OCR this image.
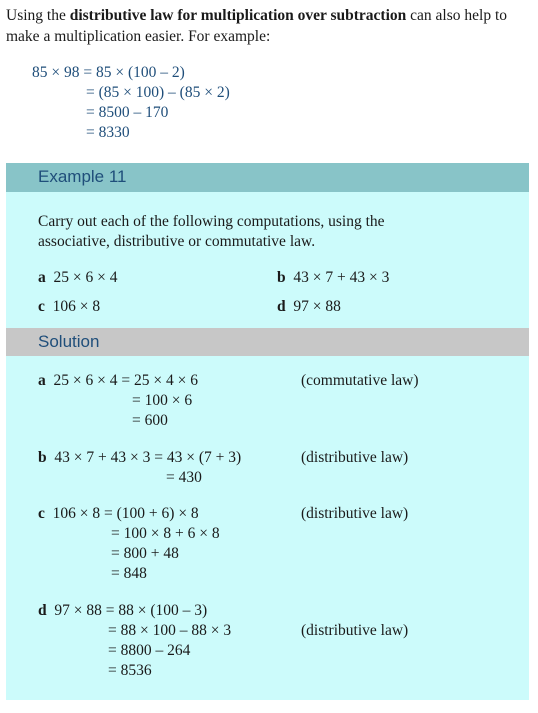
Using the distributive law for multiplication over subtraction can also help to
make a multiplication easier. For example:
85 × 98 = 85 × (100 – 2)
= (85 × 100) – (85 × 2)
= 8500 – 170
= 8330
Example 11
Carry out each of the following computations, using the
associative, distributive or commutative law.
a 25 × 6 × 4	b 43 × 7 + 43 × 3
c 106 × 8	d 97 × 88
Solution
a 25 × 6 × 4 = 25 × 4 × 6
= 100 × 6
= 600
(commutative law)
b 43 × 7 + 43 × 3 = 43 × (7 + 3)
= 430
(distributive law)
c 106 × 8 = (100 + 6) × 8
= 100 × 8 + 6 × 8
= 800 + 48
= 848
(distributive law)
d 97 × 88 = 88 × (100 – 3)
= 88 × 100 – 88 × 3
= 8800 – 264
= 8536
(distributive law)
